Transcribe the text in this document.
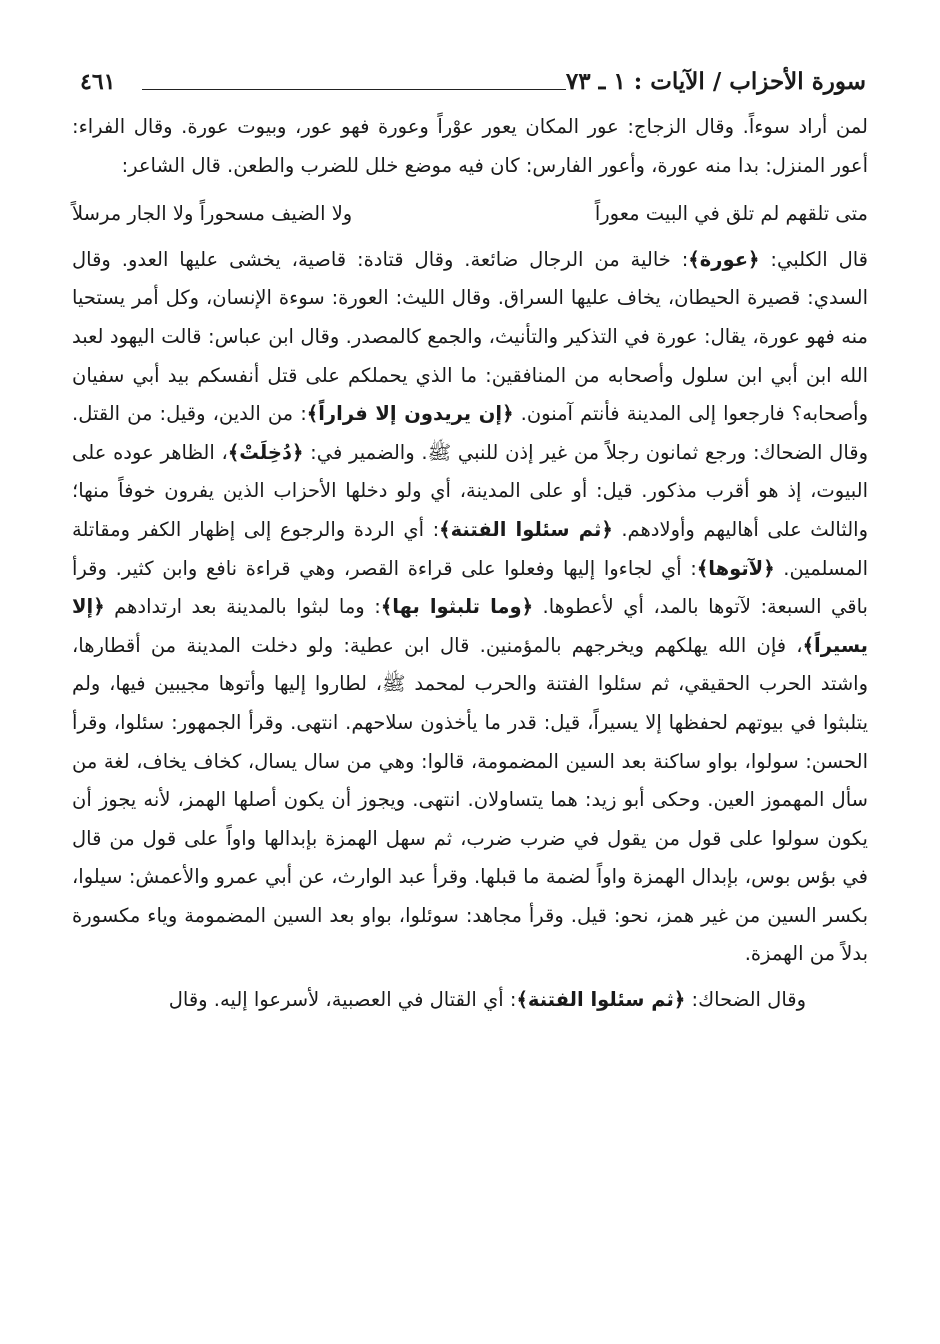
سورة الأحزاب / الآيات : ١ ـ ٧٣
٤٦١

لمن أراد سوءاً. وقال الزجاج: عور المكان يعور عوْراً وعورة فهو عور، وبيوت عورة. وقال الفراء: أعور المنزل: بدا منه عورة، وأعور الفارس: كان فيه موضع خلل للضرب والطعن. قال الشاعر:

متى تلقهم لم تلق في البيت معوراً
ولا الضيف مسحوراً ولا الجار مرسلاً

قال الكلبي: ﴿عورة﴾: خالية من الرجال ضائعة. وقال قتادة: قاصية، يخشى عليها العدو. وقال السدي: قصيرة الحيطان، يخاف عليها السراق. وقال الليث: العورة: سوءة الإنسان، وكل أمر يستحيا منه فهو عورة، يقال: عورة في التذكير والتأنيث، والجمع كالمصدر. وقال ابن عباس: قالت اليهود لعبد الله ابن أبي ابن سلول وأصحابه من المنافقين: ما الذي يحملكم على قتل أنفسكم بيد أبي سفيان وأصحابه؟ فارجعوا إلى المدينة فأنتم آمنون. ﴿إن يريدون إلا فراراً﴾: من الدين، وقيل: من القتل. وقال الضحاك: ورجع ثمانون رجلاً من غير إذن للنبي ﷺ. والضمير في: ﴿دُخِلَتْ﴾، الظاهر عوده على البيوت، إذ هو أقرب مذكور. قيل: أو على المدينة، أي ولو دخلها الأحزاب الذين يفرون خوفاً منها؛ والثالث على أهاليهم وأولادهم. ﴿ثم سئلوا الفتنة﴾: أي الردة والرجوع إلى إظهار الكفر ومقاتلة المسلمين. ﴿لآتوها﴾: أي لجاءوا إليها وفعلوا على قراءة القصر، وهي قراءة نافع وابن كثير. وقرأ باقي السبعة: لآتوها بالمد، أي لأعطوها. ﴿وما تلبثوا بها﴾: وما لبثوا بالمدينة بعد ارتدادهم ﴿إلا يسيراً﴾، فإن الله يهلكهم ويخرجهم بالمؤمنين. قال ابن عطية: ولو دخلت المدينة من أقطارها، واشتد الحرب الحقيقي، ثم سئلوا الفتنة والحرب لمحمد ﷺ، لطاروا إليها وأتوها مجيبين فيها، ولم يتلبثوا في بيوتهم لحفظها إلا يسيراً، قيل: قدر ما يأخذون سلاحهم. انتهى. وقرأ الجمهور: سئلوا، وقرأ الحسن: سولوا، بواو ساكنة بعد السين المضمومة، قالوا: وهي من سال يسال، كخاف يخاف، لغة من سأل المهموز العين. وحكى أبو زيد: هما يتساولان. انتهى. ويجوز أن يكون أصلها الهمز، لأنه يجوز أن يكون سولوا على قول من يقول في ضرب ضرب، ثم سهل الهمزة بإبدالها واواً على قول من قال في بؤس بوس، بإبدال الهمزة واواً لضمة ما قبلها. وقرأ عبد الوارث، عن أبي عمرو والأعمش: سيلوا، بكسر السين من غير همز، نحو: قيل. وقرأ مجاهد: سوئلوا، بواو بعد السين المضمومة وياء مكسورة بدلاً من الهمزة.

وقال الضحاك: ﴿ثم سئلوا الفتنة﴾: أي القتال في العصبية، لأسرعوا إليه. وقال
